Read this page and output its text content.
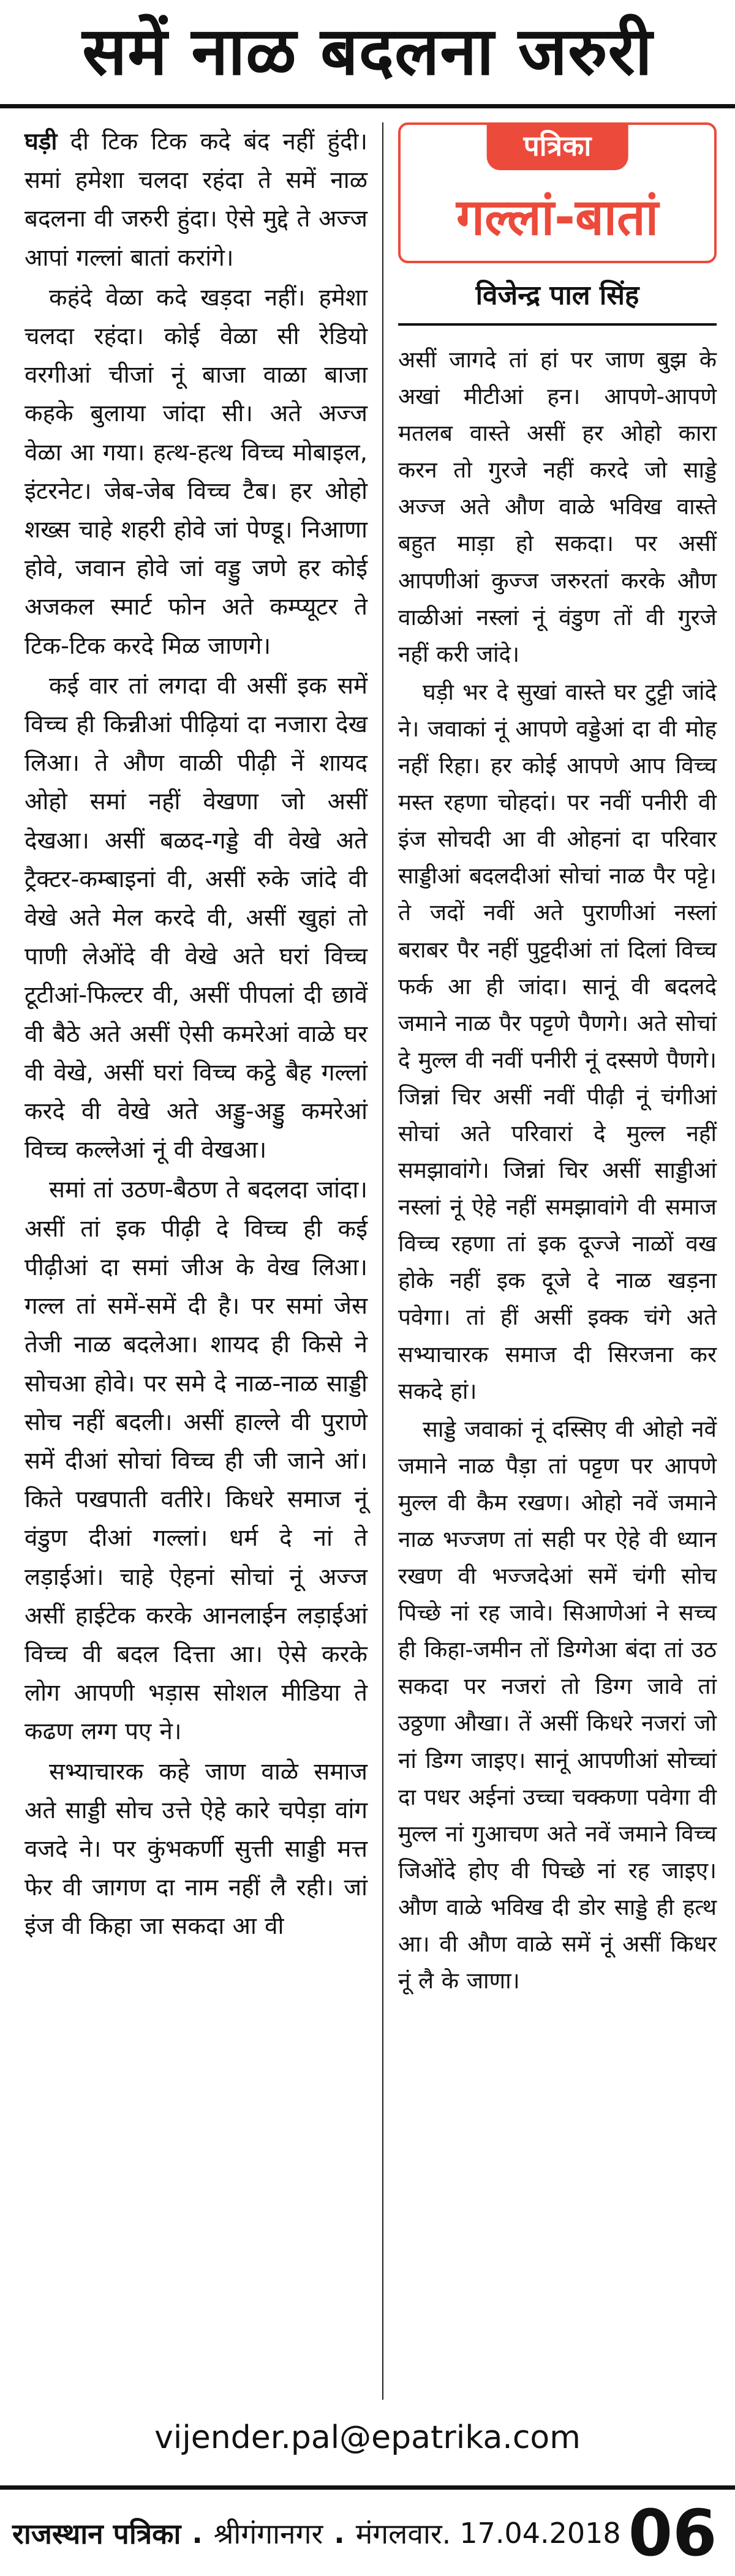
समें नाळ बदलना जरुरी

घड़ी दी टिक टिक कदे बंद नहीं हुंदी। समां हमेशा चलदा रहंदा ते समें नाळ बदलना वी जरुरी हुंदा। ऐसे मुद्दे ते अज्ज आपां गल्लां बातां करांगे।

कहंदे वेळा कदे खड़दा नहीं। हमेशा चलदा रहंदा। कोई वेळा सी रेडियो वरगीआं चीजां नूं बाजा वाळा बाजा कहके बुलाया जांदा सी। अते अज्ज वेळा आ गया। हत्थ-हत्थ विच्च मोबाइल, इंटरनेट। जेब-जेब विच्च टैब। हर ओहो शख्स चाहे शहरी होवे जां पेण्डू। निआणा होवे, जवान होवे जां वड्डु जणे हर कोई अजकल स्मार्ट फोन अते कम्प्यूटर ते टिक-टिक करदे मिळ जाणगे।

कई वार तां लगदा वी असीं इक समें विच्च ही किन्नीआं पीढ़ियां दा नजारा देख लिआ। ते औण वाळी पीढ़ी नें शायद ओहो समां नहीं वेखणा जो असीं देखआ। असीं बळद-गड्डे वी वेखे अते ट्रैक्टर-कम्बाइनां वी, असीं रुके जांदे वी वेखे अते मेल करदे वी, असीं खुहां तो पाणी लेओंदे वी वेखे अते घरां विच्च टूटीआं-फिल्टर वी, असीं पीपलां दी छावें वी बैठे अते असीं ऐसी कमरेआं वाळे घर वी वेखे, असीं घरां विच्च कट्ठे बैह गल्लां करदे वी वेखे अते अड्डु-अड्डु कमरेआं विच्च कल्लेआं नूं वी वेखआ।

समां तां उठण-बैठण ते बदलदा जांदा। असीं तां इक पीढ़ी दे विच्च ही कई पीढ़ीआं दा समां जीअ के वेख लिआ। गल्ल तां समें-समें दी है। पर समां जेस तेजी नाळ बदलेआ। शायद ही किसे ने सोचआ होवे। पर समे दे नाळ-नाळ साड्डी सोच नहीं बदली। असीं हाल्ले वी पुराणे समें दीआं सोचां विच्च ही जी जाने आं। किते पखपाती वतीरे। किधरे समाज नूं वंडुण दीआं गल्लां। धर्म दे नां ते लड़ाईआं। चाहे ऐहनां सोचां नूं अज्ज असीं हाईटेक करके आनलाईन लड़ाईआं विच्च वी बदल दित्ता आ। ऐसे करके लोग आपणी भड़ास सोशल मीडिया ते कढण लग्ग पए ने।

सभ्याचारक कहे जाण वाळे समाज अते साड्डी सोच उत्ते ऐहे कारे चपेड़ा वांग वजदे ने। पर कुंभकर्णी सुत्ती साड्डी मत्त फेर वी जागण दा नाम नहीं लै रही। जां इंज वी किहा जा सकदा आ वी

पत्रिका
गल्लां-बातां
विजेन्द्र पाल सिंह

असीं जागदे तां हां पर जाण बुझ के अखां मीटीआं हन। आपणे-आपणे मतलब वास्ते असीं हर ओहो कारा करन तो गुरजे नहीं करदे जो साड्डे अज्ज अते औण वाळे भविख वास्ते बहुत माड़ा हो सकदा। पर असीं आपणीआं कुज्ज जरुरतां करके औण वाळीआं नस्लां नूं वंडुण तों वी गुरजे नहीं करी जांदे।

घड़ी भर दे सुखां वास्ते घर टुट्टी जांदे ने। जवाकां नूं आपणे वड्डेआं दा वी मोह नहीं रिहा। हर कोई आपणे आप विच्च मस्त रहणा चोहदां। पर नवीं पनीरी वी इंज सोचदी आ वी ओहनां दा परिवार साड्डीआं बदलदीआं सोचां नाळ पैर पट्टे। ते जदों नवीं अते पुराणीआं नस्लां बराबर पैर नहीं पुट्टदीआं तां दिलां विच्च फर्क आ ही जांदा। सानूं वी बदलदे जमाने नाळ पैर पट्टणे पैणगे। अते सोचां दे मुल्ल वी नवीं पनीरी नूं दस्सणे पैणगे। जिन्नां चिर असीं नवीं पीढ़ी नूं चंगीआं सोचां अते परिवारां दे मुल्ल नहीं समझावांगे। जिन्नां चिर असीं साड्डीआं नस्लां नूं ऐहे नहीं समझावांगे वी समाज विच्च रहणा तां इक दूज्जे नाळों वख होके नहीं इक दूजे दे नाळ खड़ना पवेगा। तां हीं असीं इक्क चंगे अते सभ्याचारक समाज दी सिरजना कर सकदे हां।

साड्डे जवाकां नूं दस्सिए वी ओहो नवें जमाने नाळ पैड़ा तां पट्टण पर आपणे मुल्ल वी कैम रखण। ओहो नवें जमाने नाळ भज्जण तां सही पर ऐहे वी ध्यान रखण वी भज्जदेआं समें चंगी सोच पिच्छे नां रह जावे। सिआणेआं ने सच्च ही किहा-जमीन तों डिग्गेआ बंदा तां उठ सकदा पर नजरां तो डिग्ग जावे तां उठ्ठणा औखा। तें असीं किधरे नजरां जो नां डिग्ग जाइए। सानूं आपणीआं सोच्चां दा पधर अईनां उच्चा चक्कणा पवेगा वी मुल्ल नां गुआचण अते नवें जमाने विच्च जिओंदे होए वी पिच्छे नां रह जाइए। औण वाळे भविख दी डोर साड्डे ही हत्थ आ। वी औण वाळे समें नूं असीं किधर नूं लै के जाणा।

vijender.pal@epatrika.com
राजस्थान पत्रिका . श्रीगंगानगर . मंगलवार. 17.04.2018 06
